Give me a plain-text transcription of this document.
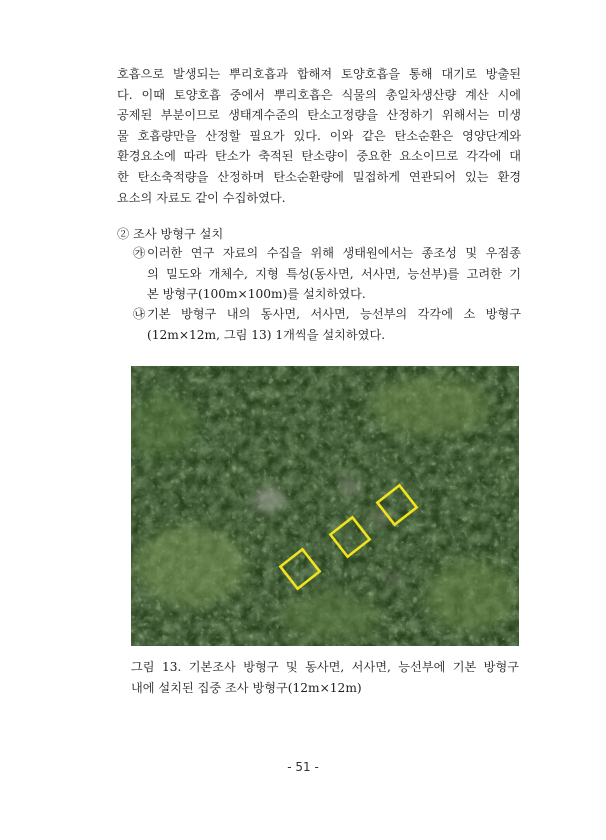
호흡으로 발생되는 뿌리호흡과 합해져 토양호흡을 통해 대기로 방출된
다. 이때 토양호흡 중에서 뿌리호흡은 식물의 총일차생산량 계산 시에
공제된 부분이므로 생태계수준의 탄소고정량을 산정하기 위해서는 미생
물 호흡량만을 산정할 필요가 있다. 이와 같은 탄소순환은 영양단계와
환경요소에 따라 탄소가 축적된 탄소량이 중요한 요소이므로 각각에 대
한 탄소축적량을 산정하며 탄소순환량에 밀접하게 연관되어 있는 환경
요소의 자료도 같이 수집하였다.
② 조사 방형구 설치
㉮ 이러한 연구 자료의 수집을 위해 생태원에서는 종조성 및 우점종
의 밀도와 개체수, 지형 특성(동사면, 서사면, 능선부)를 고려한 기
본 방형구(100m×100m)를 설치하였다.
㉯ 기본 방형구 내의 동사면, 서사면, 능선부의 각각에 소 방형구
(12m×12m, 그림 13) 1개씩을 설치하였다.
그림 13. 기본조사 방형구 및 동사면, 서사면, 능선부에 기본 방형구
내에 설치된 집중 조사 방형구(12m×12m)
- 51 -
